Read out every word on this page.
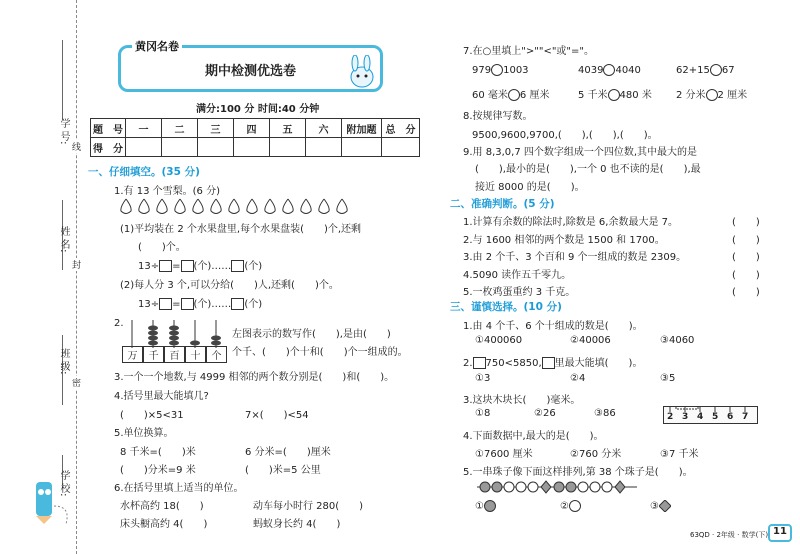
学 号:
姓 名:
班 级:
学 校:
线
封
密
期中检测优选卷
黄冈名卷
满分:100 分 时间:40 分钟
题　号	一	二	三	四	五	六	附加题	总　分
得　分								
一、仔细填空。(35 分)
1.有 13 个雪梨。(6 分)
(1)平均装在 2 个水果盘里,每个水果盘装(　　)个,还剩
(　　)个。
13÷ = (个)…… (个)
(2)每人分 3 个,可以分给(　　)人,还剩(　　)个。
13÷ = (个)…… (个)
2.
万	千	百	十	个
左图表示的数写作(　　),是由(　　)
个千、(　　)个十和(　　)个一组成的。
3.一个一个地数,与 4999 相邻的两个数分别是(　　)和(　　)。
4.括号里最大能填几?
(　　)×5<31	7×(　　)<54
5.单位换算。
8 千米=(　　)米	6 分米=(　　)厘米
(　　)分米=9 米	(　　)米=5 公里
6.在括号里填上适当的单位。
水杯高约 18(　　)	动车每小时行 280(　　)
床头橱高约 4(　　)	蚂蚁身长约 4(　　)
7.在○里填上">""<"或"="。
979 1003	4039 4040	62+15 67
60 毫米 6 厘米	5 千米 480 米 2 分米 2 厘米
8.按规律写数。
9500,9600,9700,(　　),(　　),(　　)。
9.用 8,3,0,7 四个数字组成一个四位数,其中最大的是
(　　),最小的是(　　),一个 0 也不读的是(　　),最
接近 8000 的是(　　)。
二、准确判断。(5 分)
1.计算有余数的除法时,除数是 6,余数最大是 7。	(　　)
2.与 1600 相邻的两个数是 1500 和 1700。	(　　)
3.由 2 个千、3 个百和 9 个一组成的数是 2309。	(　　)
4.5090 读作五千零九。	(　　)
5.一枚鸡蛋重约 3 千克。	(　　)
三、谨慎选择。(10 分)
1.由 4 个千、6 个十组成的数是(　　)。
①400060	②40006	③4060
2. 750<5850, 里最大能填(　　)。
①3	②4	③5
3.这块木块长(　　)毫米。
①8	②26	③86	2 3 4 5 6 7
4.下面数据中,最大的是(　　)。
①7600 厘米	②760 分米	③7 千米
5.一串珠子像下面这样排列,第 38 个珠子是(　　)。
①	②	③
63QD · 2年级 · 数学(下) 11
